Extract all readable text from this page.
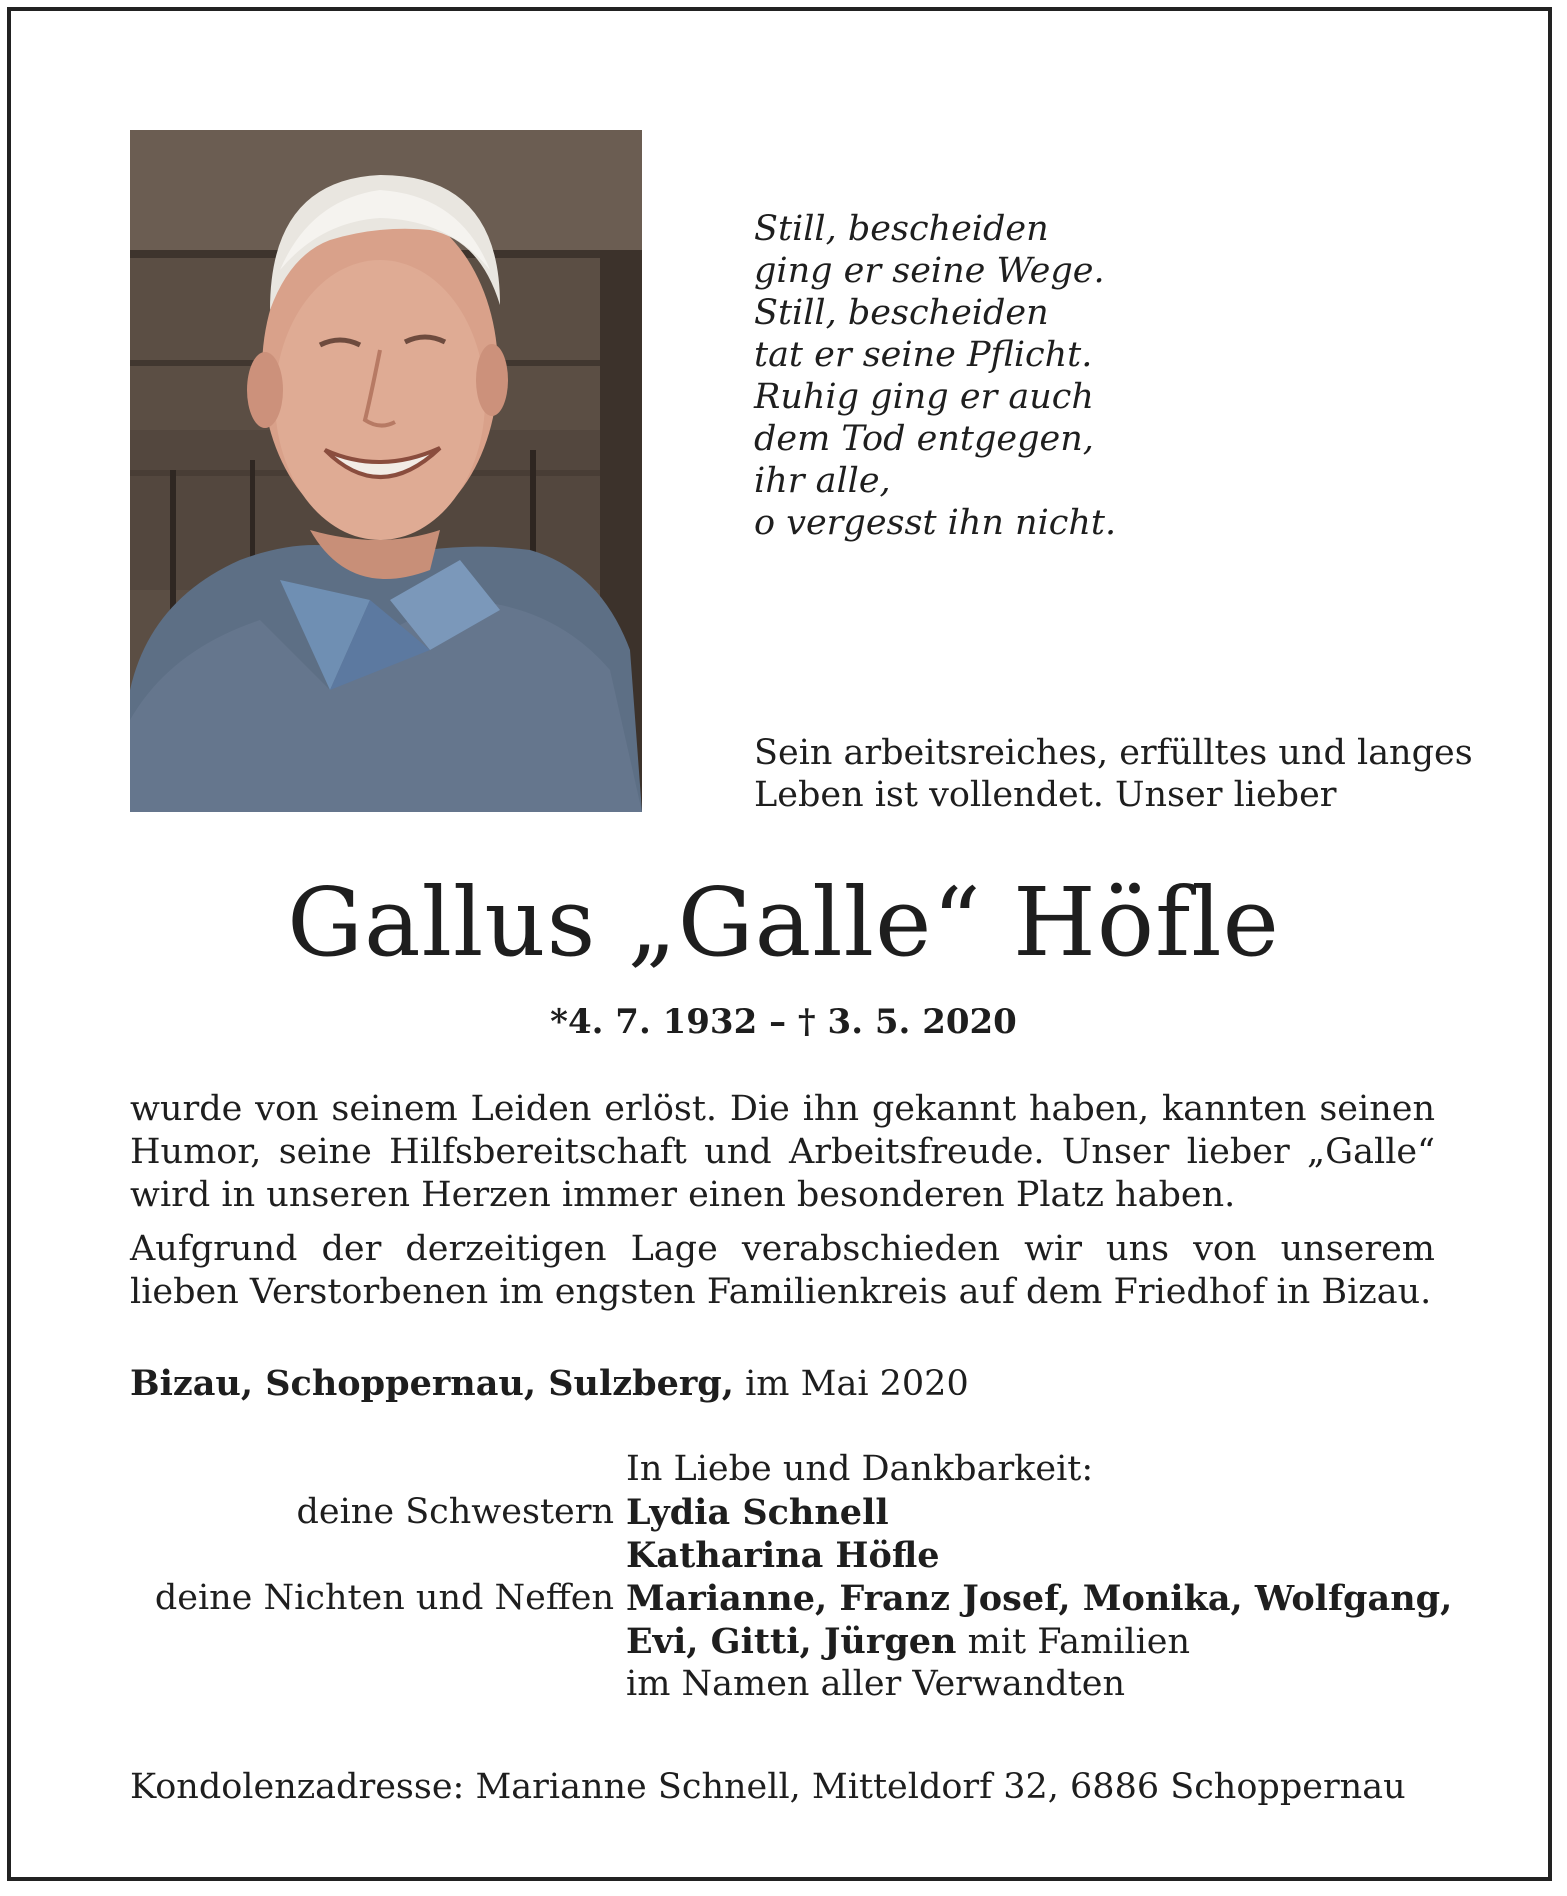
Still, bescheiden
ging er seine Wege.
Still, bescheiden
tat er seine Pflicht.
Ruhig ging er auch
dem Tod entgegen,
ihr alle,
o vergesst ihn nicht.
Sein arbeitsreiches, erfülltes und langes
Leben ist vollendet. Unser lieber
Gallus „Galle“ Höfle
*4. 7. 1932 – † 3. 5. 2020
wurde von seinem Leiden erlöst. Die ihn gekannt haben, kannten seinen Humor, seine Hilfsbereitschaft und Arbeitsfreude. Unser lieber „Galle“ wird in unseren Herzen immer einen besonderen Platz haben.
Aufgrund der derzeitigen Lage verabschieden wir uns von unserem lieben Verstorbenen im engsten Familienkreis auf dem Friedhof in Bizau.
Bizau, Schoppernau, Sulzberg, im Mai 2020
In Liebe und Dankbarkeit:
deine Schwestern Lydia Schnell
Katharina Höfle
deine Nichten und Neffen Marianne, Franz Josef, Monika, Wolfgang,
Evi, Gitti, Jürgen mit Familien
im Namen aller Verwandten
Kondolenzadresse: Marianne Schnell, Mitteldorf 32, 6886 Schoppernau
